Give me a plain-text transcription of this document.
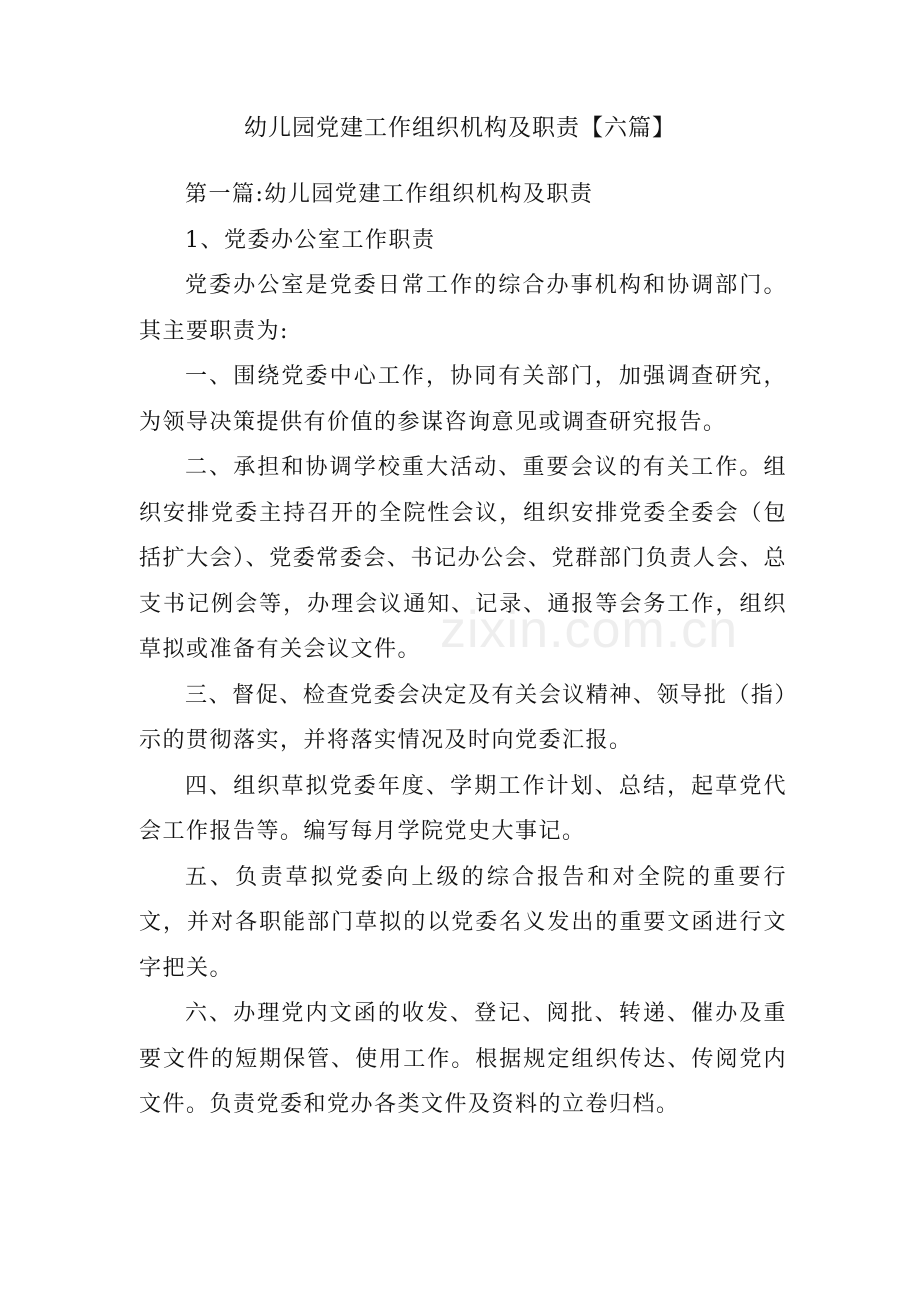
幼儿园党建工作组织机构及职责【六篇】

第一篇:幼儿园党建工作组织机构及职责

1、党委办公室工作职责

党委办公室是党委日常工作的综合办事机构和协调部门。其主要职责为:

一、围绕党委中心工作，协同有关部门，加强调查研究，为领导决策提供有价值的参谋咨询意见或调查研究报告。

二、承担和协调学校重大活动、重要会议的有关工作。组织安排党委主持召开的全院性会议，组织安排党委全委会（包括扩大会）、党委常委会、书记办公会、党群部门负责人会、总支书记例会等，办理会议通知、记录、通报等会务工作，组织草拟或准备有关会议文件。

三、督促、检查党委会决定及有关会议精神、领导批（指）示的贯彻落实，并将落实情况及时向党委汇报。

四、组织草拟党委年度、学期工作计划、总结，起草党代会工作报告等。编写每月学院党史大事记。

五、负责草拟党委向上级的综合报告和对全院的重要行文，并对各职能部门草拟的以党委名义发出的重要文函进行文字把关。

六、办理党内文函的收发、登记、阅批、转递、催办及重要文件的短期保管、使用工作。根据规定组织传达、传阅党内文件。负责党委和党办各类文件及资料的立卷归档。

zixin.com.cn
